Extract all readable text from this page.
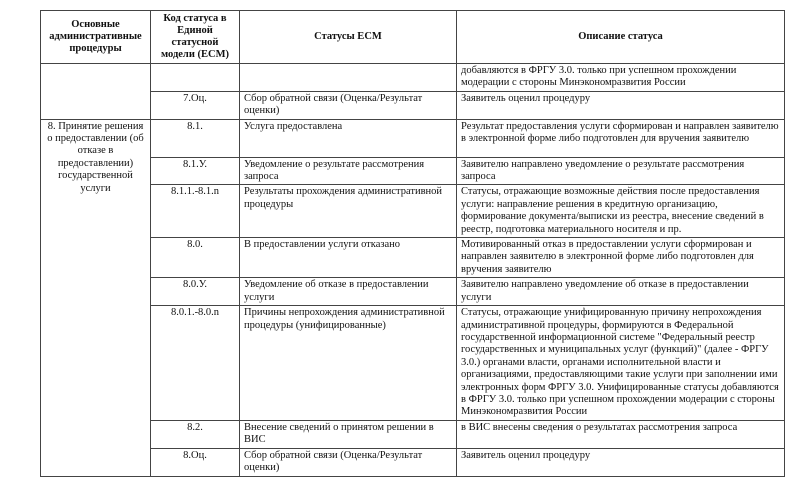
Основные административные процедуры	Код статуса в Единой статусной модели (ECM)	Статусы ECM	Описание статуса
			добавляются в ФРГУ 3.0. только при успешном прохождении модерации с стороны Минэкономразвития России
	7.Оц.	Сбор обратной связи (Оценка/Результат оценки)	Заявитель оценил процедуру
8. Принятие решения о предоставлении (об отказе в предоставлении) государственной услуги	8.1.	Услуга предоставлена	Результат предоставления услуги сформирован и направлен заявителю в электронной форме либо подготовлен для вручения заявителю
	8.1.У.	Уведомление о результате рассмотрения запроса	Заявителю направлено уведомление о результате рассмотрения запроса
	8.1.1.-8.1.n	Результаты прохождения административной процедуры	Статусы, отражающие возможные действия после предоставления услуги: направление решения в кредитную организацию, формирование документа/выписки из реестра, внесение сведений в реестр, подготовка материального носителя и пр.
	8.0.	В предоставлении услуги отказано	Мотивированный отказ в предоставлении услуги сформирован и направлен заявителю в электронной форме либо подготовлен для вручения заявителю
	8.0.У.	Уведомление об отказе в предоставлении услуги	Заявителю направлено уведомление об отказе в предоставлении услуги
	8.0.1.-8.0.n	Причины непрохождения административной процедуры (унифицированные)	Статусы, отражающие унифицированную причину непрохождения административной процедуры, формируются в Федеральной государственной информационной системе "Федеральный реестр государственных и муниципальных услуг (функций)" (далее - ФРГУ 3.0.) органами власти, органами исполнительной власти и организациями, предоставляющими такие услуги при заполнении ими электронных форм ФРГУ 3.0. Унифицированные статусы добавляются в ФРГУ 3.0. только при успешном прохождении модерации с стороны Минэкономразвития России
	8.2.	Внесение сведений о принятом решении в ВИС	в ВИС внесены сведения о результатах рассмотрения запроса
	8.Оц.	Сбор обратной связи (Оценка/Результат оценки)	Заявитель оценил процедуру
